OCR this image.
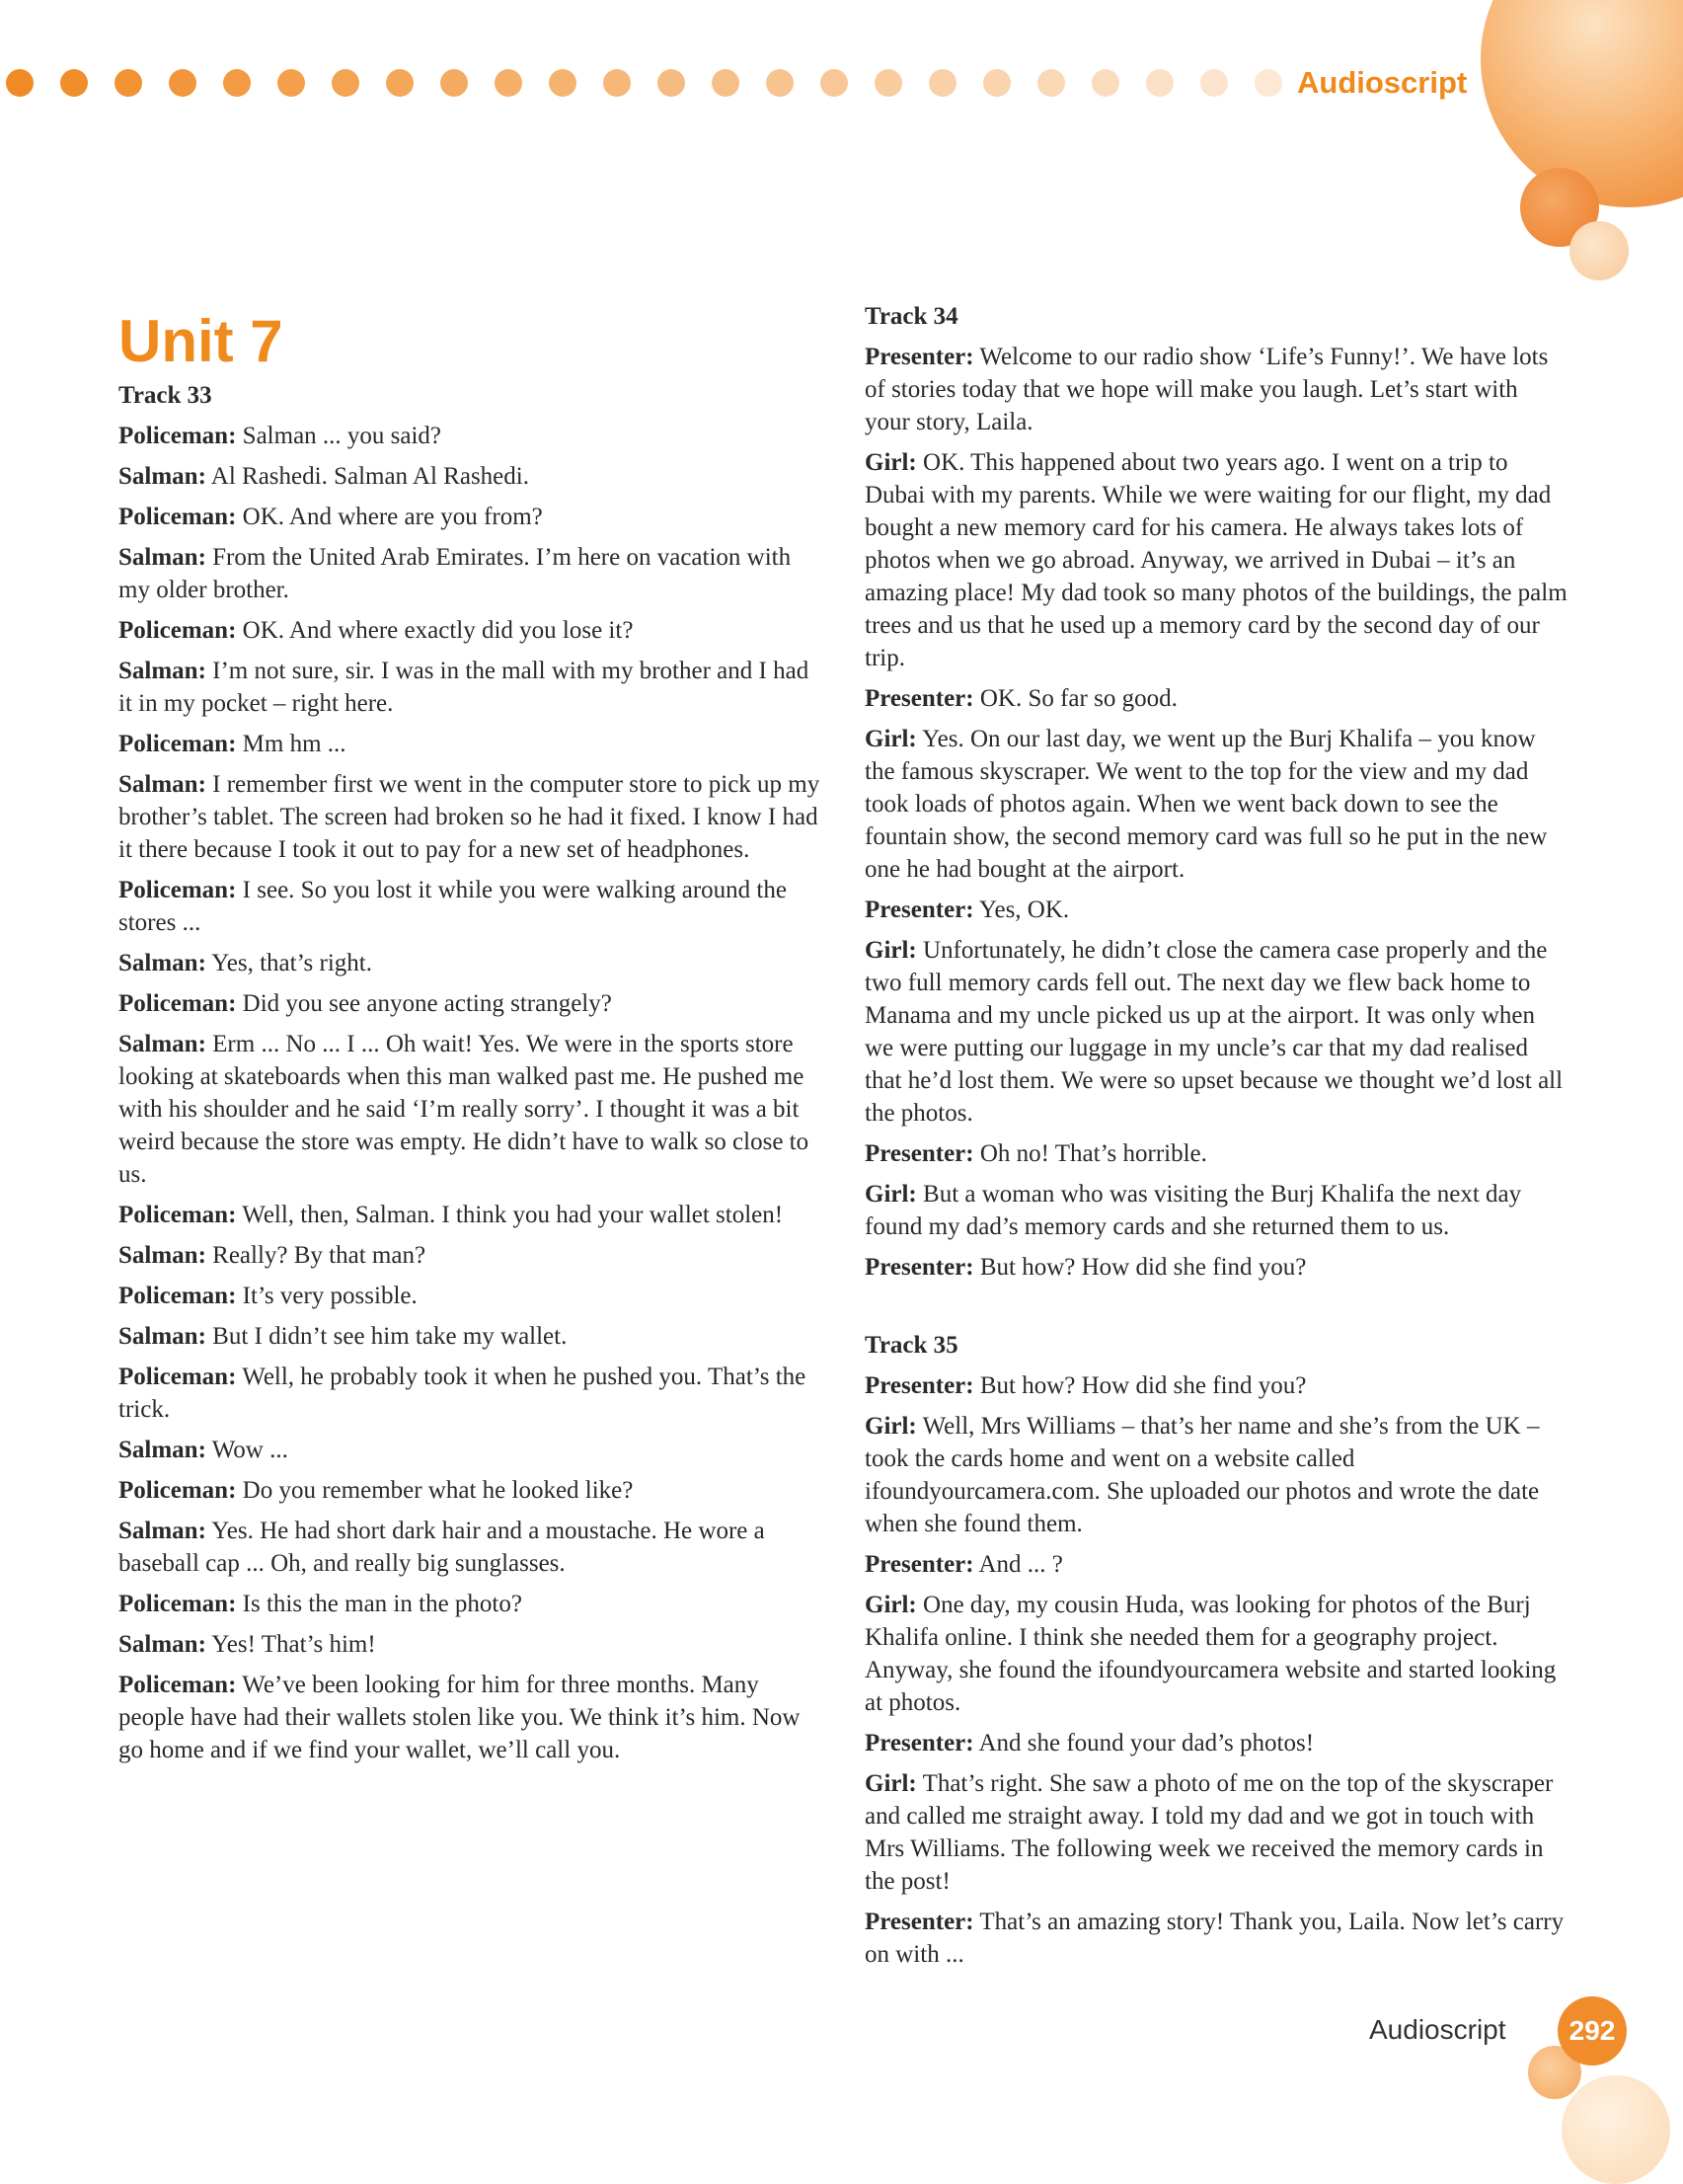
Audioscript
Unit 7
Track 33
Policeman: Salman ... you said?
Salman: Al Rashedi. Salman Al Rashedi.
Policeman: OK. And where are you from?
Salman: From the United Arab Emirates. I’m here on vacation with my older brother.
Policeman: OK. And where exactly did you lose it?
Salman: I’m not sure, sir. I was in the mall with my brother and I had it in my pocket – right here.
Policeman: Mm hm ...
Salman: I remember first we went in the computer store to pick up my brother’s tablet. The screen had broken so he had it fixed. I know I had it there because I took it out to pay for a new set of headphones.
Policeman: I see. So you lost it while you were walking around the stores ...
Salman: Yes, that’s right.
Policeman: Did you see anyone acting strangely?
Salman: Erm ... No ... I ... Oh wait! Yes. We were in the sports store looking at skateboards when this man walked past me. He pushed me with his shoulder and he said ‘I’m really sorry’. I thought it was a bit weird because the store was empty. He didn’t have to walk so close to us.
Policeman: Well, then, Salman. I think you had your wallet stolen!
Salman: Really? By that man?
Policeman: It’s very possible.
Salman: But I didn’t see him take my wallet.
Policeman: Well, he probably took it when he pushed you. That’s the trick.
Salman: Wow ...
Policeman: Do you remember what he looked like?
Salman: Yes. He had short dark hair and a moustache. He wore a baseball cap ... Oh, and really big sunglasses.
Policeman: Is this the man in the photo?
Salman: Yes! That’s him!
Policeman: We’ve been looking for him for three months. Many people have had their wallets stolen like you. We think it’s him. Now go home and if we find your wallet, we’ll call you.
Track 34
Presenter: Welcome to our radio show ‘Life’s Funny!’. We have lots of stories today that we hope will make you laugh. Let’s start with your story, Laila.
Girl: OK. This happened about two years ago. I went on a trip to Dubai with my parents. While we were waiting for our flight, my dad bought a new memory card for his camera. He always takes lots of photos when we go abroad. Anyway, we arrived in Dubai – it’s an amazing place! My dad took so many photos of the buildings, the palm trees and us that he used up a memory card by the second day of our trip.
Presenter: OK. So far so good.
Girl: Yes. On our last day, we went up the Burj Khalifa – you know the famous skyscraper. We went to the top for the view and my dad took loads of photos again. When we went back down to see the fountain show, the second memory card was full so he put in the new one he had bought at the airport.
Presenter: Yes, OK.
Girl: Unfortunately, he didn’t close the camera case properly and the two full memory cards fell out. The next day we flew back home to Manama and my uncle picked us up at the airport. It was only when we were putting our luggage in my uncle’s car that my dad realised that he’d lost them. We were so upset because we thought we’d lost all the photos.
Presenter: Oh no! That’s horrible.
Girl: But a woman who was visiting the Burj Khalifa the next day found my dad’s memory cards and she returned them to us.
Presenter: But how? How did she find you?
Track 35
Presenter: But how? How did she find you?
Girl: Well, Mrs Williams – that’s her name and she’s from the UK – took the cards home and went on a website called ifoundyourcamera.com. She uploaded our photos and wrote the date when she found them.
Presenter: And ... ?
Girl: One day, my cousin Huda, was looking for photos of the Burj Khalifa online. I think she needed them for a geography project. Anyway, she found the ifoundyourcamera website and started looking at photos.
Presenter: And she found your dad’s photos!
Girl: That’s right. She saw a photo of me on the top of the skyscraper and called me straight away. I told my dad and we got in touch with Mrs Williams. The following week we received the memory cards in the post!
Presenter: That’s an amazing story! Thank you, Laila. Now let’s carry on with ...
Audioscript	292
